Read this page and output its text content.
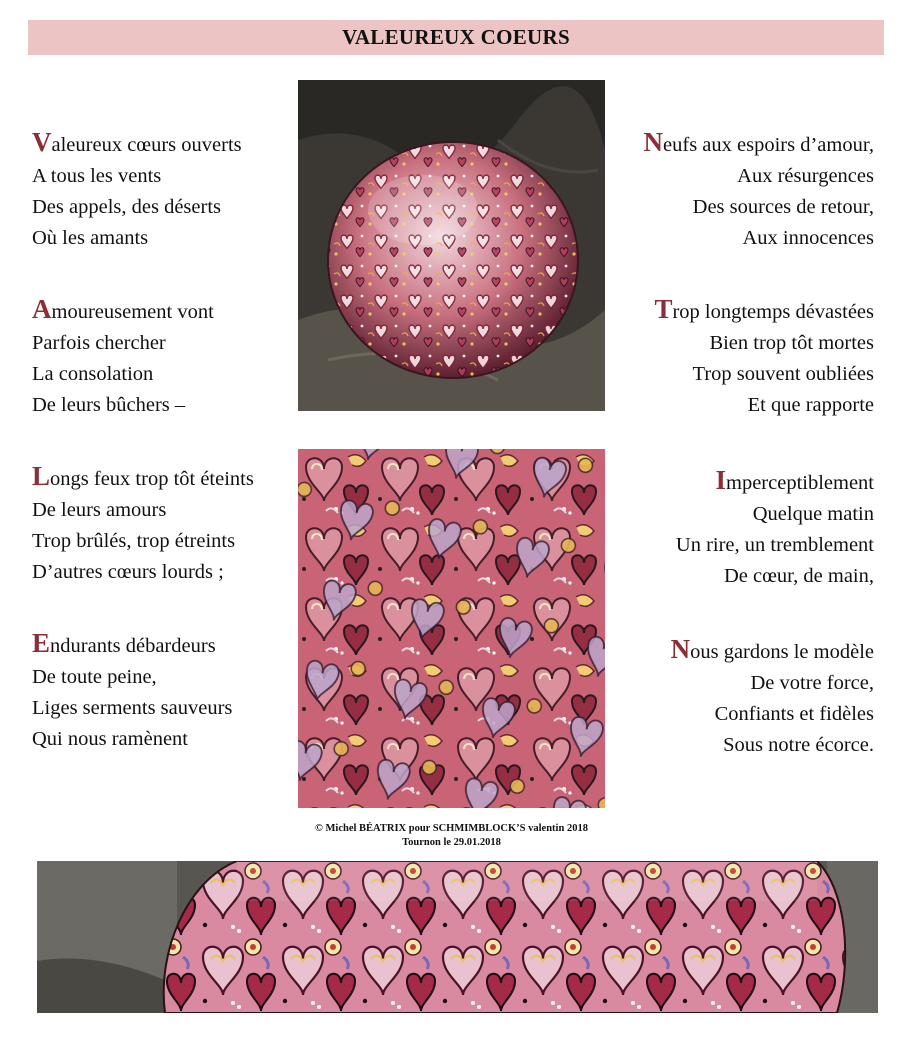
VALEUREUX COEURS
Valeureux cœurs ouverts
A tous les vents
Des appels, des déserts
Où les amants
Amoureusement vont
Parfois chercher
La consolation
De leurs bûchers –
Longs feux trop tôt éteints
De leurs amours
Trop brûlés, trop étreints
D’autres cœurs lourds ;
Endurants débardeurs
De toute peine,
Liges serments sauveurs
Qui nous ramènent
Neufs aux espoirs d’amour,
Aux résurgences
Des sources de retour,
Aux innocences
Trop longtemps dévastées
Bien trop tôt mortes
Trop souvent oubliées
Et que rapporte
Imperceptiblement
Quelque matin
Un rire, un tremblement
De cœur, de main,
Nous gardons le modèle
De votre force,
Confiants et fidèles
Sous notre écorce.
© Michel BÉATRIX pour SCHMIMBLOCK’S valentin 2018
Tournon le 29.01.2018
